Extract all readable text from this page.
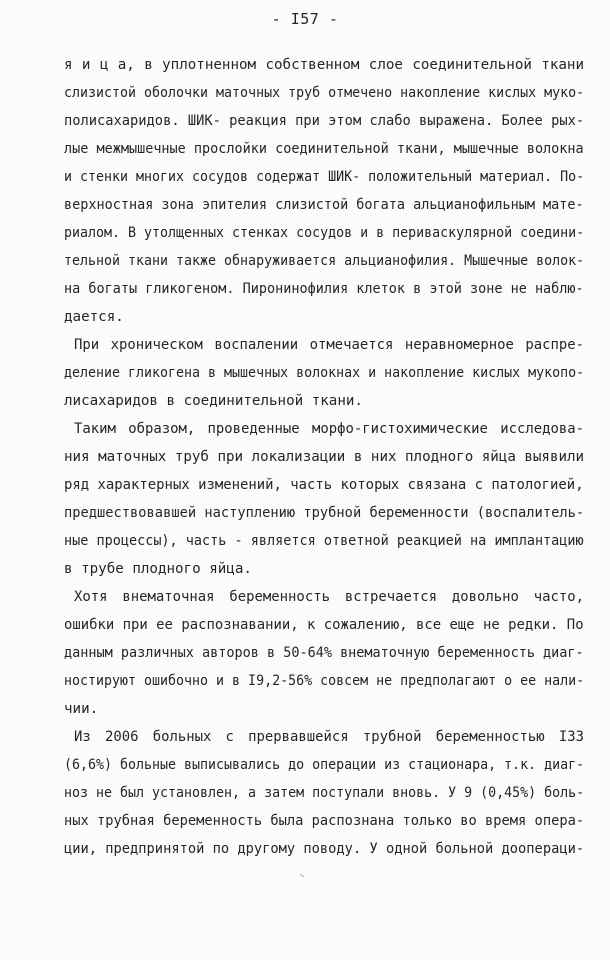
- I57 -
я и ц а, в уплотненном собственном слое соединительной ткани
слизистой оболочки маточных труб отмечено накопление кислых муко-
полисахаридов. ШИК- реакция при этом слабо выражена. Более рых-
лые межмышечные прослойки соединительной ткани, мышечные волокна
и стенки многих сосудов содержат ШИК- положительный материал. По-
верхностная зона эпителия слизистой богата альцианофильным мате-
риалом. В утолщенных стенках сосудов и в периваскулярной соедини-
тельной ткани также обнаруживается альцианофилия. Мышечные волок-
на богаты гликогеном. Пиронинофилия клеток в этой зоне не наблю-
дается.
При хроническом воспалении отмечается неравномерное распре-
деление гликогена в мышечных волокнах и накопление кислых мукопо-
лисахаридов в соединительной ткани.
Таким образом, проведенные морфо-гистохимические исследова-
ния маточных труб при локализации в них плодного яйца выявили
ряд характерных изменений, часть которых связана с патологией,
предшествовавшей наступлению трубной беременности (воспалитель-
ные процессы), часть - является ответной реакцией на имплантацию
в трубе плодного яйца.
Хотя внематочная беременность встречается довольно часто,
ошибки при ее распознавании, к сожалению, все еще не редки. По
данным различных авторов в 50-64% внематочную беременность диаг-
ностируют ошибочно и в I9,2-56% совсем не предполагают о ее нали-
чии.
Из 2006 больных с прервавшейся трубной беременностью I33
(6,6%) больные выписывались до операции из стационара, т.к. диаг-
ноз не был установлен, а затем поступали вновь. У 9 (0,45%) боль-
ных трубная беременность была распознана только во время опера-
ции, предпринятой по другому поводу. У одной больной доопераци-
